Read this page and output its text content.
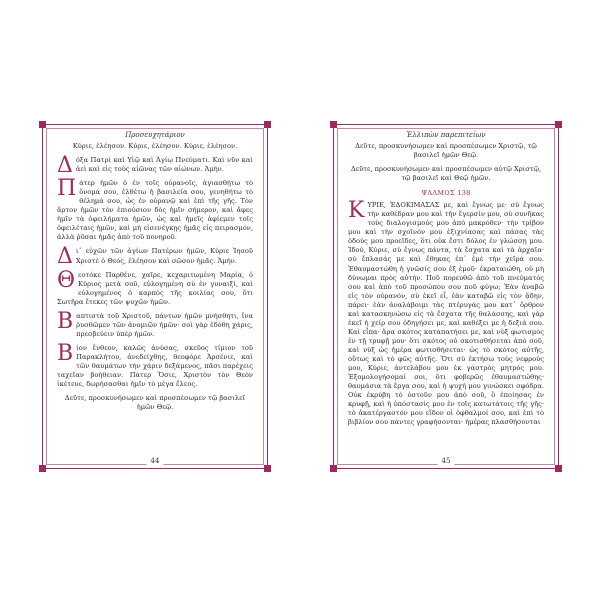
Προσευχητάριον

Κύριε, ἐλέησον. Κύριε, ἐλέησον. Κύριε, ἐλέησον.

Δόξα Πατρὶ καὶ Υἱῷ καὶ Ἁγίῳ Πνεύματι. Καὶ νῦν καὶ ἀεὶ καὶ εἰς τοὺς αἰῶνας τῶν αἰώνων. Ἀμήν.

Πάτερ ἡμῶν ὁ ἐν τοῖς οὐρανοῖς, ἁγιασθήτω τὸ ὄνομά σου, ἐλθέτω ἡ βασιλεία σου, γενηθήτω τὸ θέλημά σου, ὡς ἐν οὐρανῷ καὶ ἐπὶ τῆς γῆς. Τὸν ἄρτον ἡμῶν τὸν ἐπιούσιον δὸς ἡμῖν σήμερον, καὶ ἄφες ἡμῖν τὰ ὀφειλήματα ἡμῶν, ὡς καὶ ἡμεῖς ἀφίεμεν τοῖς ὀφειλέταις ἡμῶν, καὶ μὴ εἰσενέγκῃς ἡμᾶς εἰς πειρασμόν, ἀλλὰ ῥῦσαι ἡμᾶς ἀπὸ τοῦ πονηροῦ.

Δι᾽ εὐχῶν τῶν ἁγίων Πατέρων ἡμῶν, Κύριε Ἰησοῦ Χριστὲ ὁ Θεός, ἐλέησον καὶ σῶσον ἡμᾶς. Ἀμήν.

Θεοτόκε Παρθένε, χαῖρε, κεχαριτωμένη Μαρία, ὁ Κύριος μετὰ σοῦ, εὐλογημένη σὺ ἐν γυναιξί, καὶ εὐλογημένος ὁ καρπὸς τῆς κοιλίας σου, ὅτι Σωτῆρα ἔτεκες τῶν ψυχῶν ἡμῶν.

Βαπτιστὰ τοῦ Χριστοῦ, πάντων ἡμῶν μνήσθητι, ἵνα ῥυσθῶμεν τῶν ἀνομιῶν ἡμῶν· σοὶ γὰρ ἐδόθη χάρις, πρεσβεύειν ὑπὲρ ἡμῶν.

Βίον ἔνθεον, καλῶς ἀνύσας, σκεῦος τίμιον τοῦ Παρακλήτου, ἀνεδείχθης, θεοφόρε Ἀρσένιε, καὶ τῶν θαυμάτων τὴν χάριν δεξάμενος, πᾶσι παρέχεις ταχεῖαν βοήθειαν. Πάτερ Ὅσιε, Χριστὸν τὸν Θεὸν ἱκέτευε, δωρήσασθαι ἡμῖν τὸ μέγα ἔλεος.

Δεῦτε, προσκυνήσωμεν καὶ προσπέσωμεν τῷ βασιλεῖ ἡμῶν Θεῷ.

44
Ἐλλιπὼν παρεπιτείων

Δεῦτε, προσκυνήσωμεν καὶ προσπέσωμεν Χριστῷ, τῷ βασιλεῖ ἡμῶν Θεῷ.

Δεῦτε, προσκυνήσωμεν καὶ προσπέσωμεν αὐτῷ Χριστῷ, τῷ βασιλεῖ καὶ Θεῷ ἡμῶν.

ΨΑΛΜΟΣ 138

ΚΥΡΙΕ, ἘΔΟΚΙΜΑΣΑΣ με, καὶ ἔγνως με· σὺ ἔγνως τὴν καθέδραν μου καὶ τὴν ἔγερσίν μου, σὺ συνῆκας τοὺς διαλογισμούς μου ἀπὸ μακρόθεν· τὴν τρίβον μου καὶ τὴν σχοῖνόν μου ἐξιχνίασας καὶ πάσας τὰς ὁδούς μου προεῖδες, ὅτι οὐκ ἔστι δόλος ἐν γλώσσῃ μου. Ἰδού, Κύριε, σὺ ἔγνως πάντα, τὰ ἔσχατα καὶ τὰ ἀρχαῖα· σὺ ἔπλασάς με καὶ ἔθηκας ἐπ᾽ ἐμὲ τὴν χεῖρά σου. Ἐθαυμαστώθη ἡ γνῶσίς σου ἐξ ἐμοῦ· ἐκραταιώθη, οὐ μὴ δύνωμαι πρὸς αὐτήν. Ποῦ πορευθῶ ἀπὸ τοῦ πνεύματός σου καὶ ἀπὸ τοῦ προσώπου σου ποῦ φύγω; Ἐὰν ἀναβῶ εἰς τὸν οὐρανόν, σὺ ἐκεῖ εἶ, ἐὰν καταβῶ εἰς τὸν ᾅδην, πάρει· ἐὰν ἀναλάβοιμι τὰς πτέρυγάς μου κατ᾽ ὄρθρον καὶ κατασκηνώσω εἰς τὰ ἔσχατα τῆς θαλάσσης, καὶ γὰρ ἐκεῖ ἡ χείρ σου ὁδηγήσει με, καὶ καθέξει με ἡ δεξιά σου. Καὶ εἶπα· ἄρα σκότος καταπατήσει με, καὶ νὺξ φωτισμὸς ἐν τῇ τρυφῇ μου· ὅτι σκότος οὐ σκοτισθήσεται ἀπὸ σοῦ, καὶ νὺξ ὡς ἡμέρα φωτισθήσεται· ὡς τὸ σκότος αὐτῆς, οὕτως καὶ τὸ φῶς αὐτῆς. Ὅτι σὺ ἐκτήσω τοὺς νεφρούς μου, Κύριε, ἀντελάβου μου ἐκ γαστρὸς μητρός μου. Ἐξομολογήσομαί σοι, ὅτι φοβερῶς ἐθαυμαστώθης· θαυμάσια τὰ ἔργα σου, καὶ ἡ ψυχή μου γινώσκει σφόδρα. Οὐκ ἐκρύβη τὸ ὀστοῦν μου ἀπὸ σοῦ, ὃ ἐποίησας ἐν κρυφῇ, καὶ ἡ ὑπόστασίς μου ἐν τοῖς κατωτάτοις τῆς γῆς· τὸ ἀκατέργαστόν μου εἴδον οἱ ὀφθαλμοί σου, καὶ ἐπὶ τὸ βιβλίον σου πάντες γραφήσονται· ἡμέρας πλασθήσονται

45
